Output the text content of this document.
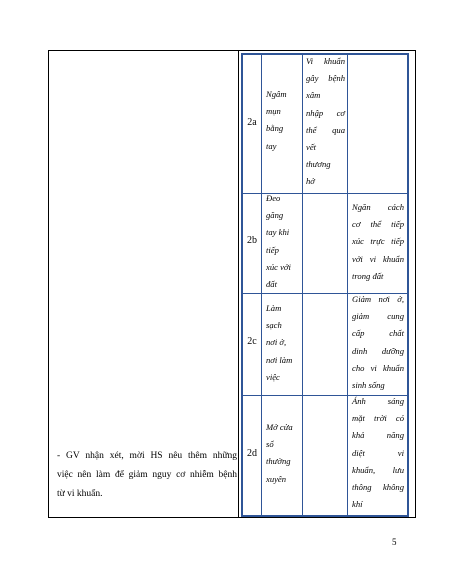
2a
Ngâm
mụn
bằng
tay
Vi khuẩn
gây bệnh
xâm
nhập cơ
thể qua
vết
thương
hở
2b
Đeo
găng
tay khi
tiếp
xúc với
đất
Ngăn cách
cơ thể tiếp
xúc trực tiếp
với vi khuẩn
trong đất
2c
Làm
sạch
nơi ở,
nơi làm
việc
Giảm nơi ở,
giảm cung
cấp chất
dinh dưỡng
cho vi khuẩn
sinh sống
2d
Mở cửa
sổ
thường
xuyên
Ánh sáng
mặt trời có
khả năng
diệt vi
khuẩn, lưu
thông không
khí
- GV nhận xét, mời HS nêu thêm những
việc nên làm để giảm nguy cơ nhiễm bệnh
từ vi khuẩn.
5
